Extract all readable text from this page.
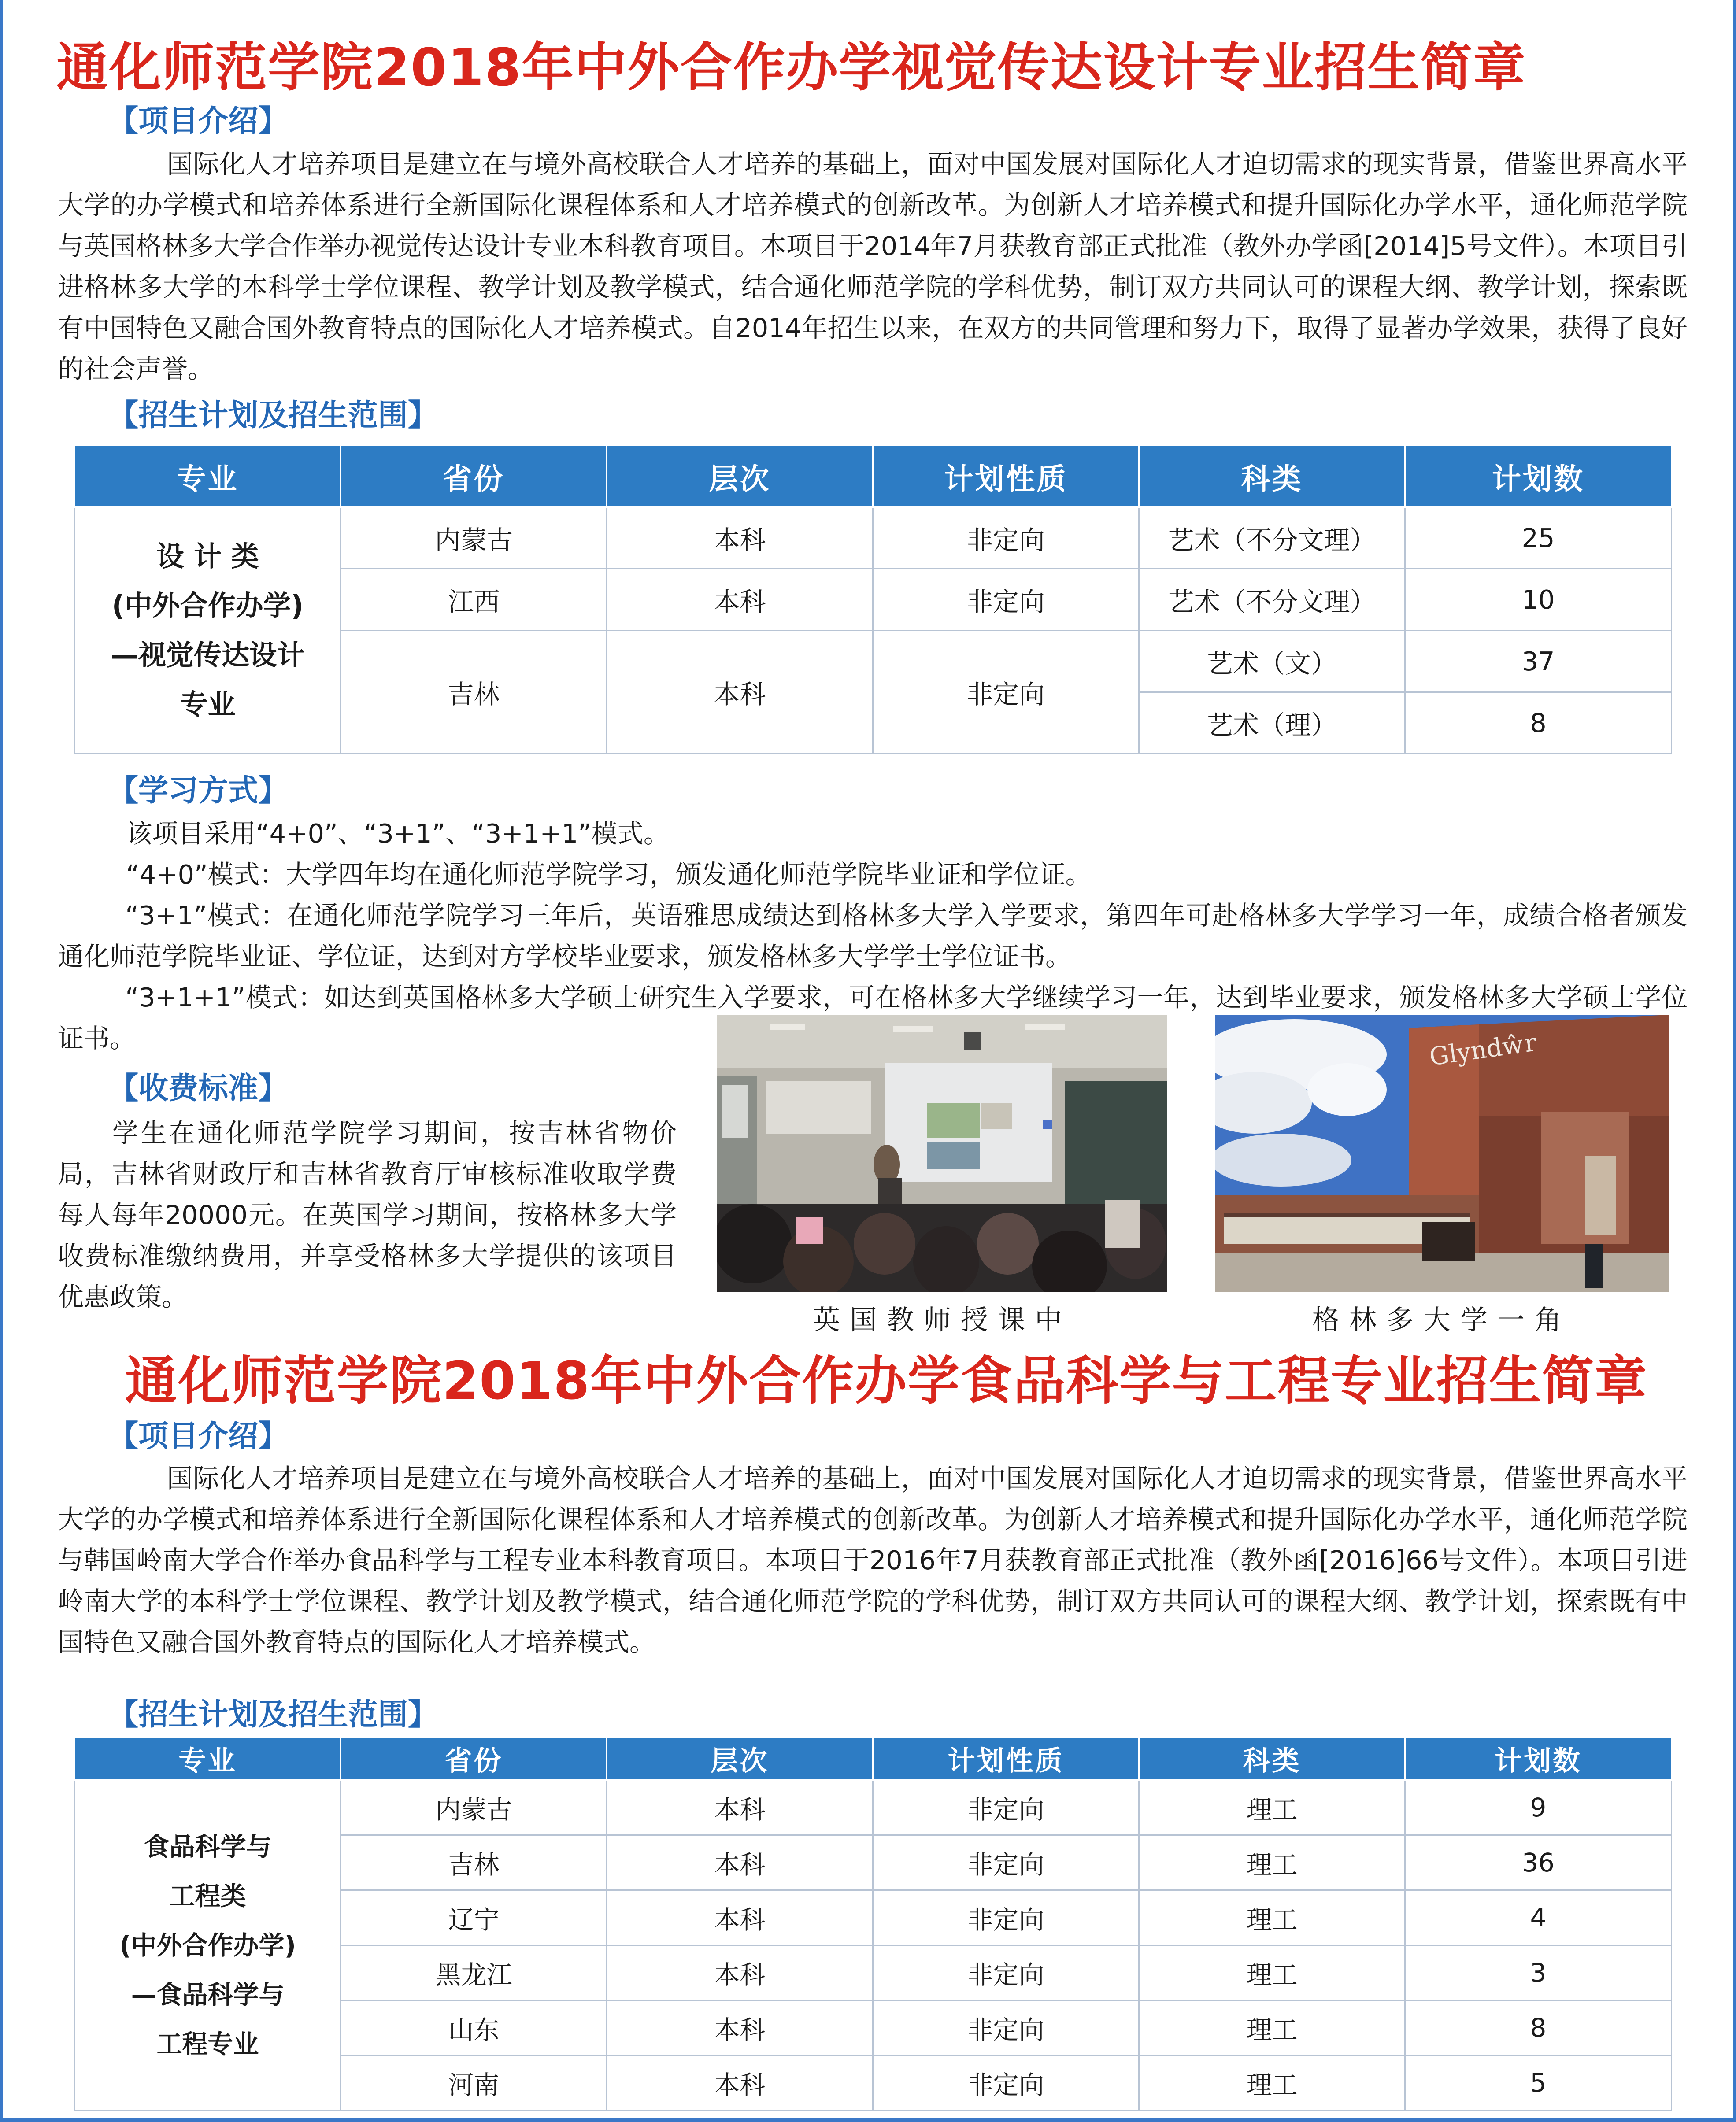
通化师范学院2018年中外合作办学视觉传达设计专业招生简章
【项目介绍】

国际化人才培养项目是建立在与境外高校联合人才培养的基础上，面对中国发展对国际化人才迫切需求的现实背景，借鉴世界高水平大学的办学模式和培养体系进行全新国际化课程体系和人才培养模式的创新改革。为创新人才培养模式和提升国际化办学水平，通化师范学院与英国格林多大学合作举办视觉传达设计专业本科教育项目。本项目于2014年7月获教育部正式批准（教外办学函[2014]5号文件）。本项目引进格林多大学的本科学士学位课程、教学计划及教学模式，结合通化师范学院的学科优势，制订双方共同认可的课程大纲、教学计划，探索既有中国特色又融合国外教育特点的国际化人才培养模式。自2014年招生以来，在双方的共同管理和努力下，取得了显著办学效果，获得了良好的社会声誉。

【招生计划及招生范围】
专业	省份	层次	计划性质	科类	计划数

设 计 类
(中外合作办学)
—视觉传达设计
专业	内蒙古	本科	非定向	艺术（不分文理）	25
	江西	本科	非定向	艺术（不分文理）	10
	吉林	本科	非定向	艺术（文）	37
				艺术（理）	8
【学习方式】
该项目采用“4+0”、“3+1”、“3+1+1”模式。
“4+0”模式：大学四年均在通化师范学院学习，颁发通化师范学院毕业证和学位证。

“3+1”模式：在通化师范学院学习三年后，英语雅思成绩达到格林多大学入学要求，第四年可赴格林多大学学习一年，成绩合格者颁发通化师范学院毕业证、学位证，达到对方学校毕业要求，颁发格林多大学学士学位证书。

“3+1+1”模式：如达到英国格林多大学硕士研究生入学要求，可在格林多大学继续学习一年，达到毕业要求，颁发格林多大学硕士学位证书。

【收费标准】

学生在通化师范学院学习期间，按吉林省物价局，吉林省财政厅和吉林省教育厅审核标准收取学费每人每年20000元。在英国学习期间，按格林多大学收费标准缴纳费用，并享受格林多大学提供的该项目优惠政策。

英国教师授课中
Glyndŵr
格林多大学一角
通化师范学院2018年中外合作办学食品科学与工程专业招生简章
【项目介绍】

国际化人才培养项目是建立在与境外高校联合人才培养的基础上，面对中国发展对国际化人才迫切需求的现实背景，借鉴世界高水平大学的办学模式和培养体系进行全新国际化课程体系和人才培养模式的创新改革。为创新人才培养模式和提升国际化办学水平，通化师范学院与韩国岭南大学合作举办食品科学与工程专业本科教育项目。本项目于2016年7月获教育部正式批准（教外函[2016]66号文件）。本项目引进岭南大学的本科学士学位课程、教学计划及教学模式，结合通化师范学院的学科优势，制订双方共同认可的课程大纲、教学计划，探索既有中国特色又融合国外教育特点的国际化人才培养模式。

【招生计划及招生范围】
专业	省份	层次	计划性质	科类	计划数

食品科学与
工程类
(中外合作办学)
—食品科学与
工程专业	内蒙古	本科	非定向	理工	9
	吉林	本科	非定向	理工	36
	辽宁	本科	非定向	理工	4
	黑龙江	本科	非定向	理工	3
	山东	本科	非定向	理工	8
	河南	本科	非定向	理工	5
